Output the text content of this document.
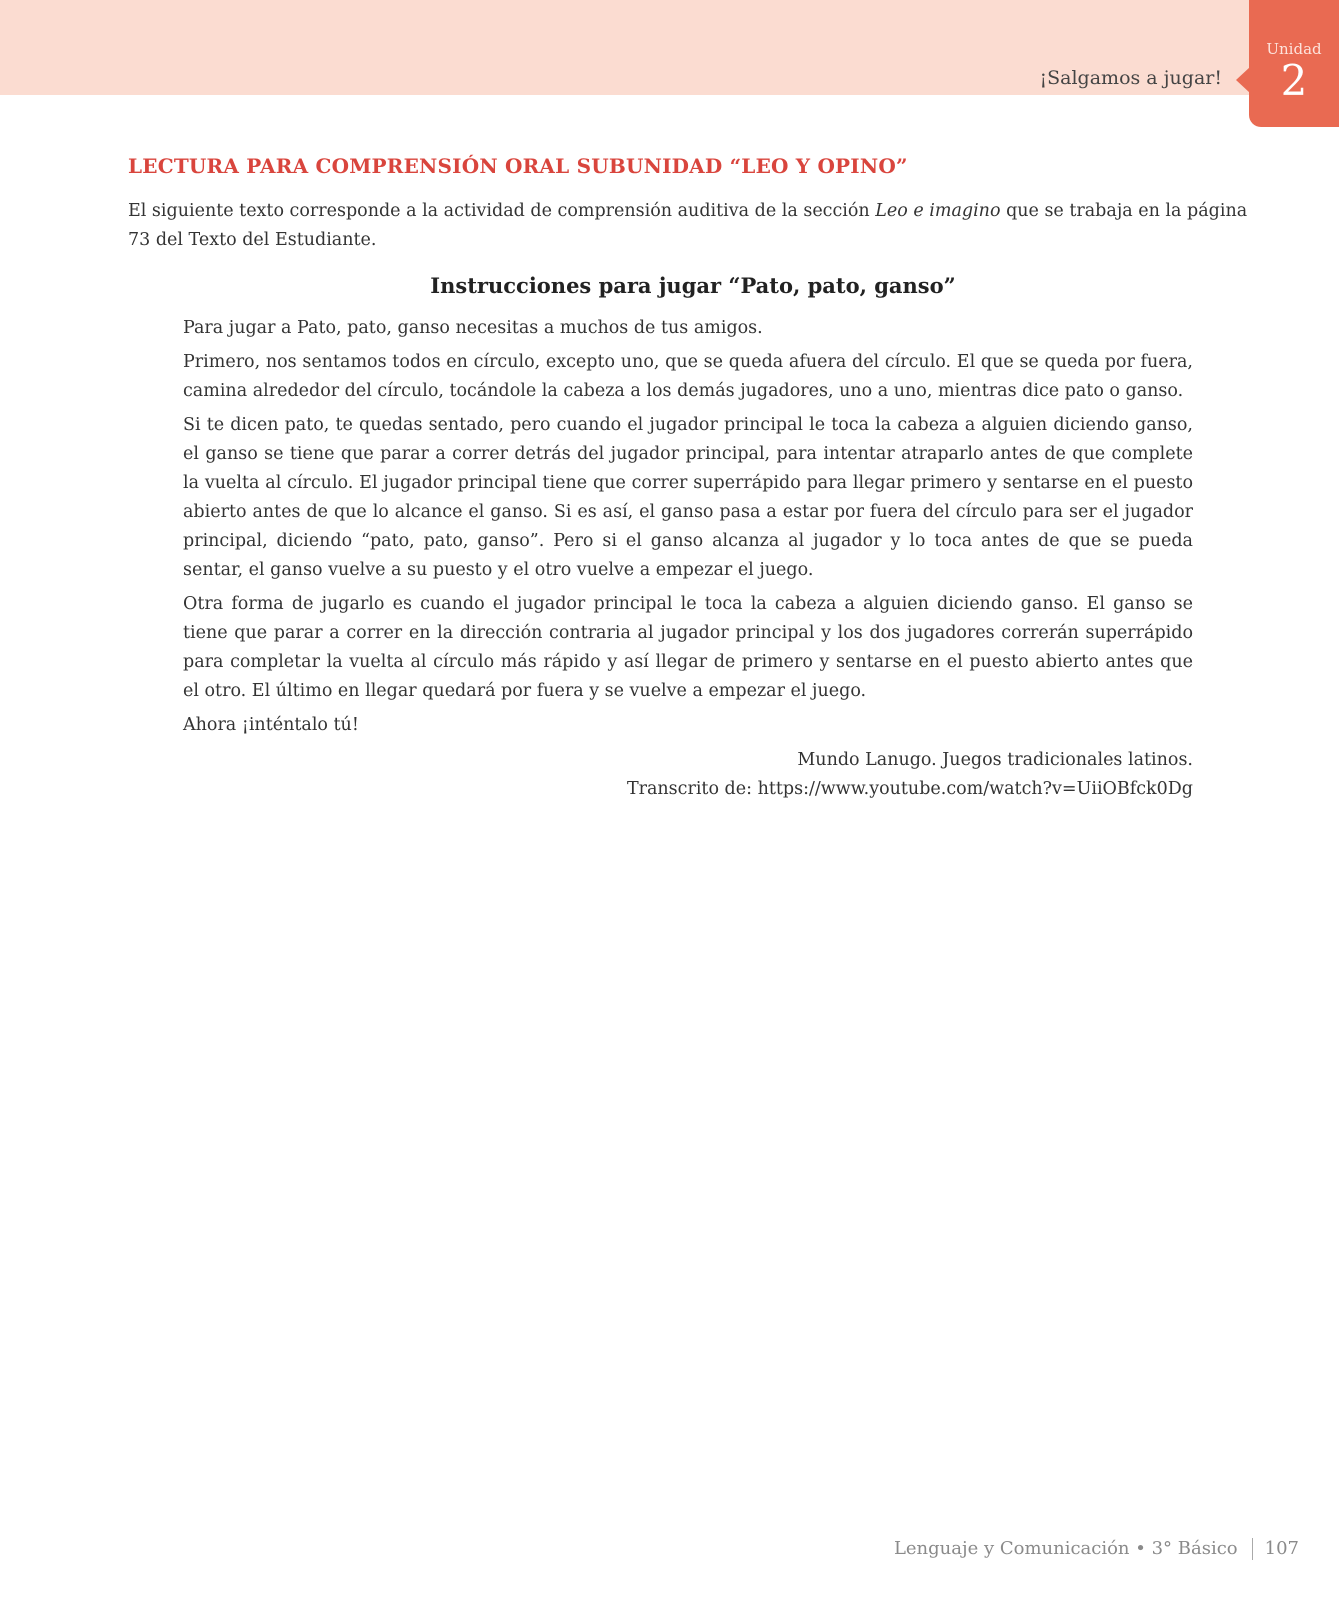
¡Salgamos a jugar!
Unidad
2
LECTURA PARA COMPRENSIÓN ORAL SUBUNIDAD “LEO Y OPINO”
El siguiente texto corresponde a la actividad de comprensión auditiva de la sección Leo e imagino que se trabaja en la página 73 del Texto del Estudiante.
Instrucciones para jugar “Pato, pato, ganso”

Para jugar a Pato, pato, ganso necesitas a muchos de tus amigos.

Primero, nos sentamos todos en círculo, excepto uno, que se queda afuera del círculo. El que se queda por fuera, camina alrededor del círculo, tocándole la cabeza a los demás jugadores, uno a uno, mientras dice pato o ganso.

Si te dicen pato, te quedas sentado, pero cuando el jugador principal le toca la cabeza a alguien diciendo ganso, el ganso se tiene que parar a correr detrás del jugador principal, para intentar atraparlo antes de que complete la vuelta al círculo. El jugador principal tiene que correr superrápido para llegar primero y sentarse en el puesto abierto antes de que lo alcance el ganso. Si es así, el ganso pasa a estar por fuera del círculo para ser el jugador principal, diciendo “pato, pato, ganso”. Pero si el ganso alcanza al jugador y lo toca antes de que se pueda sentar, el ganso vuelve a su puesto y el otro vuelve a empezar el juego.

Otra forma de jugarlo es cuando el jugador principal le toca la cabeza a alguien diciendo ganso. El ganso se tiene que parar a correr en la dirección contraria al jugador principal y los dos jugadores correrán superrápido para completar la vuelta al círculo más rápido y así llegar de primero y sentarse en el puesto abierto antes que el otro. El último en llegar quedará por fuera y se vuelve a empezar el juego.

Ahora ¡inténtalo tú!

Mundo Lanugo. Juegos tradicionales latinos.
Transcrito de: https://www.youtube.com/watch?v=UiiOBfck0Dg
Lenguaje y Comunicación • 3° Básico 107
